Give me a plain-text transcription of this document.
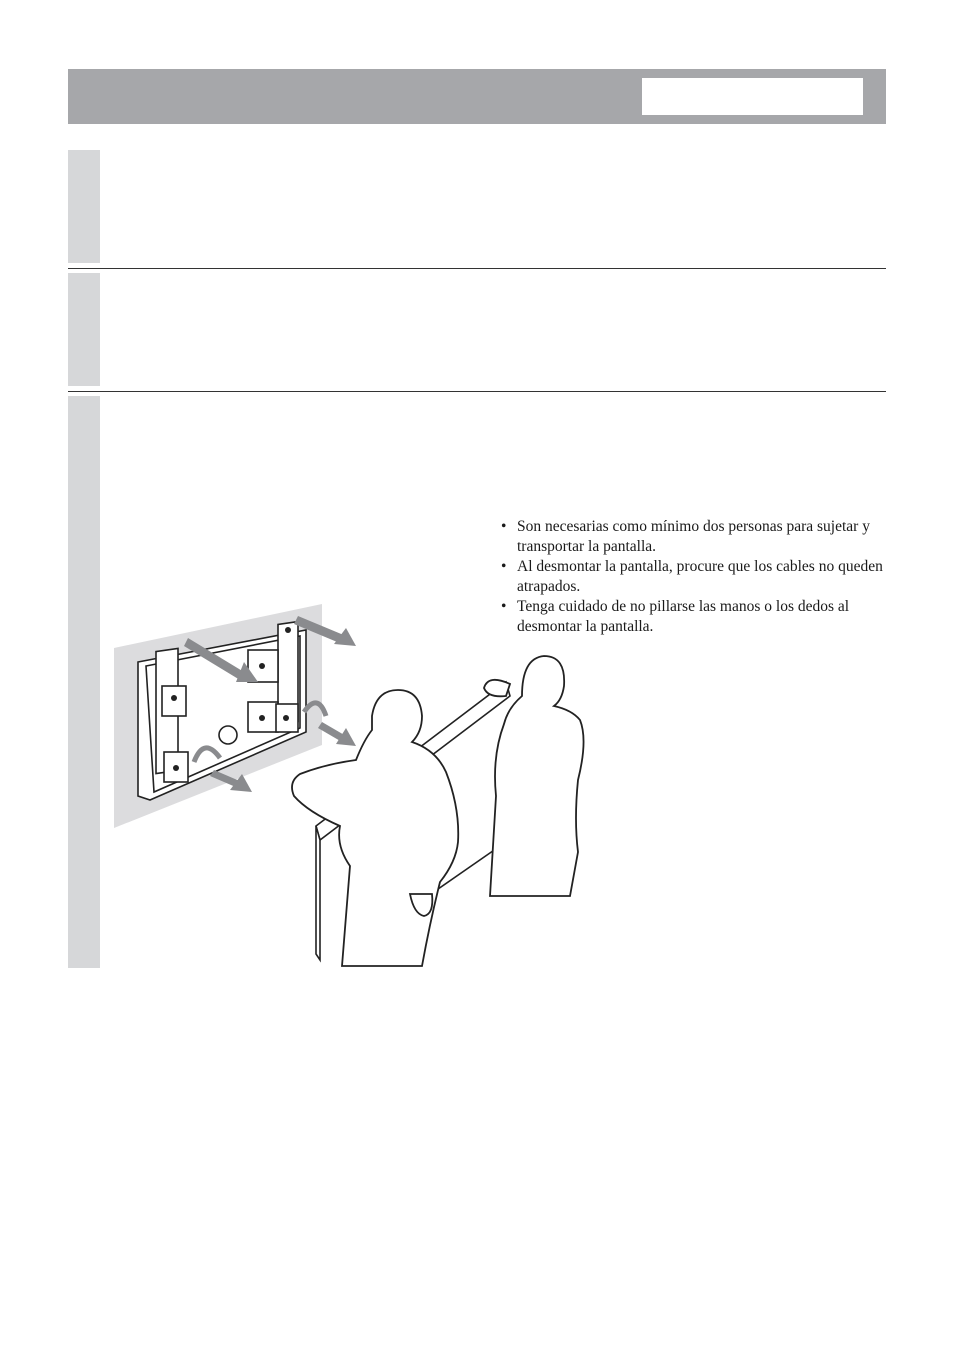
• Son necesarias como mínimo dos personas para sujetar y transportar la pantalla.
• Al desmontar la pantalla, procure que los cables no queden atrapados.
• Tenga cuidado de no pillarse las manos o los dedos al desmontar la pantalla.
